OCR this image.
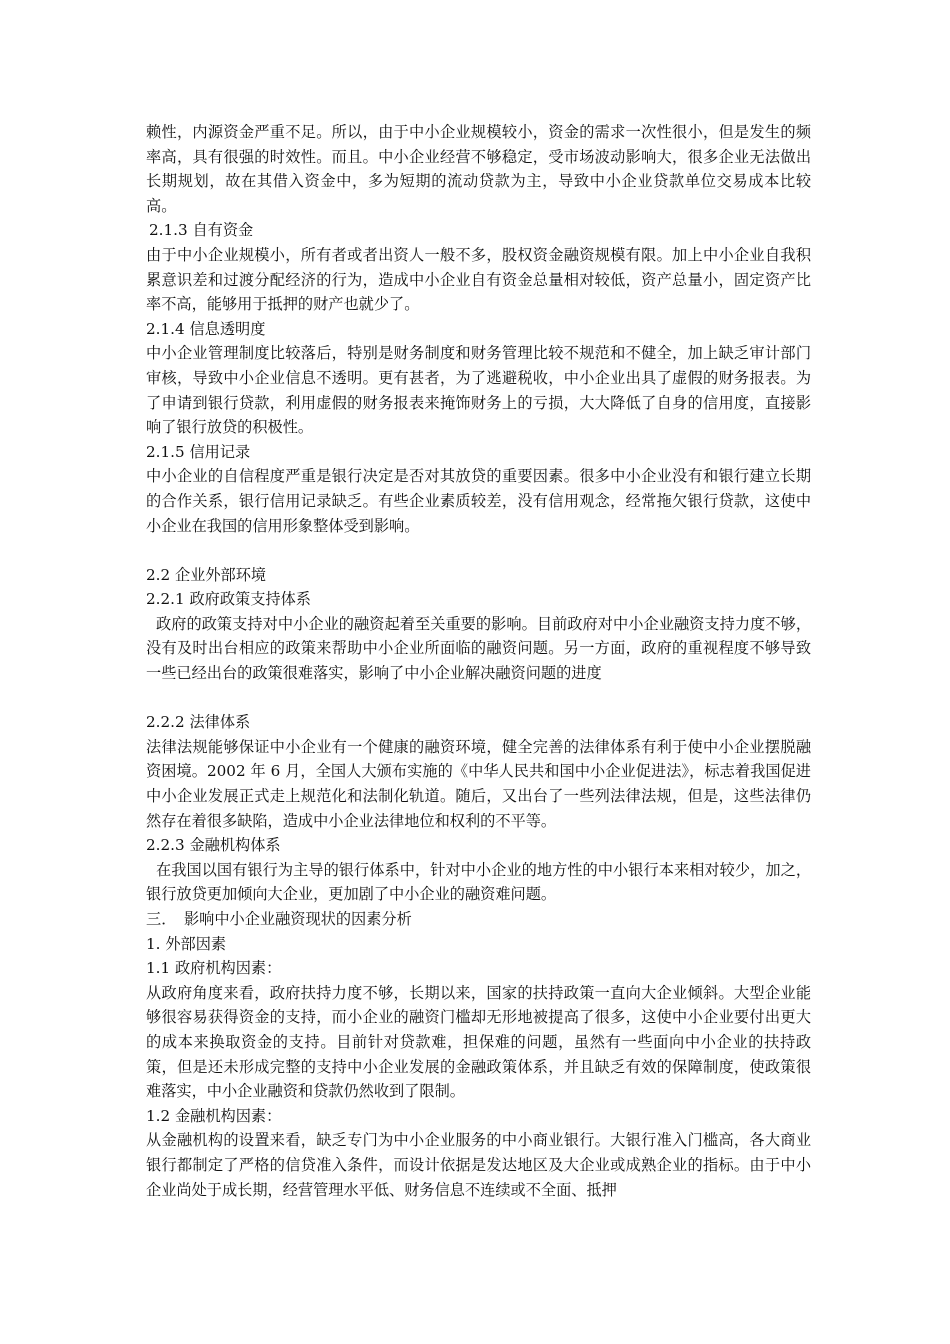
赖性，内源资金严重不足。所以，由于中小企业规模较小，资金的需求一次性很小，但是发生的频率高，具有很强的时效性。而且。中小企业经营不够稳定，受市场波动影响大，很多企业无法做出长期规划，故在其借入资金中，多为短期的流动贷款为主，导致中小企业贷款单位交易成本比较高。

2.1.3 自有资金

由于中小企业规模小，所有者或者出资人一般不多，股权资金融资规模有限。加上中小企业自我积累意识差和过渡分配经济的行为，造成中小企业自有资金总量相对较低，资产总量小，固定资产比率不高，能够用于抵押的财产也就少了。

2.1.4 信息透明度

中小企业管理制度比较落后，特别是财务制度和财务管理比较不规范和不健全，加上缺乏审计部门审核，导致中小企业信息不透明。更有甚者，为了逃避税收，中小企业出具了虚假的财务报表。为了申请到银行贷款，利用虚假的财务报表来掩饰财务上的亏损，大大降低了自身的信用度，直接影响了银行放贷的积极性。

2.1.5 信用记录

中小企业的自信程度严重是银行决定是否对其放贷的重要因素。很多中小企业没有和银行建立长期的合作关系，银行信用记录缺乏。有些企业素质较差，没有信用观念，经常拖欠银行贷款，这使中小企业在我国的信用形象整体受到影响。

2.2 企业外部环境

2.2.1 政府政策支持体系

政府的政策支持对中小企业的融资起着至关重要的影响。目前政府对中小企业融资支持力度不够，没有及时出台相应的政策来帮助中小企业所面临的融资问题。另一方面，政府的重视程度不够导致一些已经出台的政策很难落实，影响了中小企业解决融资问题的进度

2.2.2 法律体系

法律法规能够保证中小企业有一个健康的融资环境，健全完善的法律体系有利于使中小企业摆脱融资困境。2002 年 6 月，全国人大颁布实施的《中华人民共和国中小企业促进法》，标志着我国促进中小企业发展正式走上规范化和法制化轨道。随后，又出台了一些列法律法规，但是，这些法律仍然存在着很多缺陷，造成中小企业法律地位和权利的不平等。

2.2.3 金融机构体系

在我国以国有银行为主导的银行体系中，针对中小企业的地方性的中小银行本来相对较少，加之，银行放贷更加倾向大企业，更加剧了中小企业的融资难问题。

三．　影响中小企业融资现状的因素分析

1. 外部因素

1.1 政府机构因素：

从政府角度来看，政府扶持力度不够，长期以来，国家的扶持政策一直向大企业倾斜。大型企业能够很容易获得资金的支持，而小企业的融资门槛却无形地被提高了很多，这使中小企业要付出更大的成本来换取资金的支持。目前针对贷款难，担保难的问题，虽然有一些面向中小企业的扶持政策，但是还未形成完整的支持中小企业发展的金融政策体系，并且缺乏有效的保障制度，使政策很难落实，中小企业融资和贷款仍然收到了限制。

1.2 金融机构因素：

从金融机构的设置来看，缺乏专门为中小企业服务的中小商业银行。大银行准入门槛高，各大商业银行都制定了严格的信贷准入条件，而设计依据是发达地区及大企业或成熟企业的指标。由于中小企业尚处于成长期，经营管理水平低、财务信息不连续或不全面、抵押
